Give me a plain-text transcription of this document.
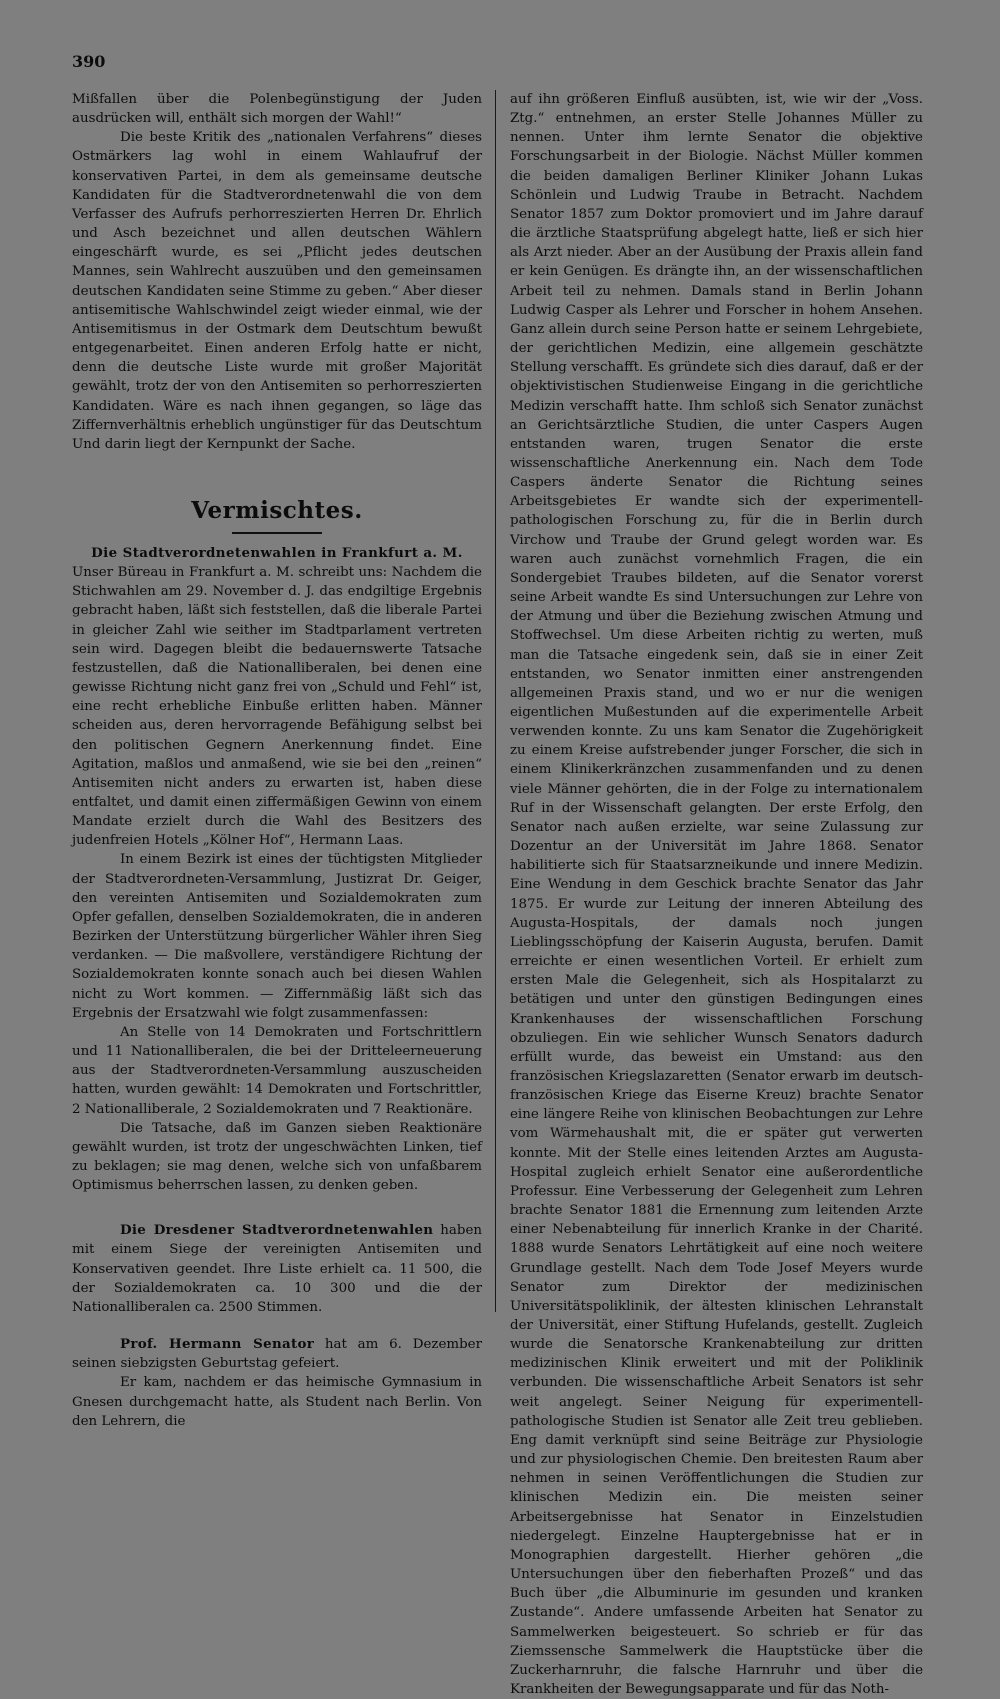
390

Mißfallen über die Polenbegünstigung der Juden ausdrücken will, enthält sich morgen der Wahl!“

Die beste Kritik des „nationalen Verfahrens“ dieses Ostmärkers lag wohl in einem Wahlaufruf der konservativen Partei, in dem als gemeinsame deutsche Kandidaten für die Stadtverordnetenwahl die von dem Verfasser des Aufrufs perhorreszierten Herren Dr. Ehrlich und Asch bezeichnet und allen deutschen Wählern eingeschärft wurde, es sei „Pflicht jedes deutschen Mannes, sein Wahlrecht auszuüben und den gemeinsamen deutschen Kandidaten seine Stimme zu geben.“ Aber dieser antisemitische Wahlschwindel zeigt wieder einmal, wie der Antisemitismus in der Ostmark dem Deutschtum bewußt entgegenarbeitet. Einen anderen Erfolg hatte er nicht, denn die deutsche Liste wurde mit großer Majorität gewählt, trotz der von den Antisemiten so perhorreszierten Kandidaten. Wäre es nach ihnen gegangen, so läge das Ziffernverhältnis erheblich ungünstiger für das Deutschtum Und darin liegt der Kernpunkt der Sache.

Vermischtes.

Die Stadtverordnetenwahlen in Frankfurt a. M.

Unser Büreau in Frankfurt a. M. schreibt uns: Nachdem die Stichwahlen am 29. November d. J. das endgiltige Ergebnis gebracht haben, läßt sich feststellen, daß die liberale Partei in gleicher Zahl wie seither im Stadtparlament vertreten sein wird. Dagegen bleibt die bedauernswerte Tatsache festzustellen, daß die Nationalliberalen, bei denen eine gewisse Richtung nicht ganz frei von „Schuld und Fehl“ ist, eine recht erhebliche Einbuße erlitten haben. Männer scheiden aus, deren hervorragende Befähigung selbst bei den politischen Gegnern Anerkennung findet. Eine Agitation, maßlos und anmaßend, wie sie bei den „reinen“ Antisemiten nicht anders zu erwarten ist, haben diese entfaltet, und damit einen ziffermäßigen Gewinn von einem Mandate erzielt durch die Wahl des Besitzers des judenfreien Hotels „Kölner Hof“, Hermann Laas.

In einem Bezirk ist eines der tüchtigsten Mitglieder der Stadtverordneten-Versammlung, Justizrat Dr. Geiger, den vereinten Antisemiten und Sozialdemokraten zum Opfer gefallen, denselben Sozialdemokraten, die in anderen Bezirken der Unterstützung bürgerlicher Wähler ihren Sieg verdanken. — Die maßvollere, verständigere Richtung der Sozialdemokraten konnte sonach auch bei diesen Wahlen nicht zu Wort kommen. — Ziffernmäßig läßt sich das Ergebnis der Ersatzwahl wie folgt zusammenfassen:

An Stelle von 14 Demokraten und Fortschrittlern und 11 Nationalliberalen, die bei der Dritteleerneuerung aus der Stadtverordneten-Versammlung auszuscheiden hatten, wurden gewählt: 14 Demokraten und Fortschrittler, 2 Nationalliberale, 2 Sozialdemokraten und 7 Reaktionäre.

Die Tatsache, daß im Ganzen sieben Reaktionäre gewählt wurden, ist trotz der ungeschwächten Linken, tief zu beklagen; sie mag denen, welche sich von unfaßbarem Optimismus beherrschen lassen, zu denken geben.

Die Dresdener Stadtverordnetenwahlen haben mit einem Siege der vereinigten Antisemiten und Konservativen geendet. Ihre Liste erhielt ca. 11 500, die der Sozialdemokraten ca. 10 300 und die der Nationalliberalen ca. 2500 Stimmen.

Prof. Hermann Senator hat am 6. Dezember seinen siebzigsten Geburtstag gefeiert.

Er kam, nachdem er das heimische Gymnasium in Gnesen durchgemacht hatte, als Student nach Berlin. Von den Lehrern, die

auf ihn größeren Einfluß ausübten, ist, wie wir der „Voss. Ztg.“ entnehmen, an erster Stelle Johannes Müller zu nennen. Unter ihm lernte Senator die objektive Forschungsarbeit in der Biologie. Nächst Müller kommen die beiden damaligen Berliner Kliniker Johann Lukas Schönlein und Ludwig Traube in Betracht. Nachdem Senator 1857 zum Doktor promoviert und im Jahre darauf die ärztliche Staatsprüfung abgelegt hatte, ließ er sich hier als Arzt nieder. Aber an der Ausübung der Praxis allein fand er kein Genügen. Es drängte ihn, an der wissenschaftlichen Arbeit teil zu nehmen. Damals stand in Berlin Johann Ludwig Casper als Lehrer und Forscher in hohem Ansehen. Ganz allein durch seine Person hatte er seinem Lehrgebiete, der gerichtlichen Medizin, eine allgemein geschätzte Stellung verschafft. Es gründete sich dies darauf, daß er der objektivistischen Studienweise Eingang in die gerichtliche Medizin verschafft hatte. Ihm schloß sich Senator zunächst an Gerichtsärztliche Studien, die unter Caspers Augen entstanden waren, trugen Senator die erste wissenschaftliche Anerkennung ein. Nach dem Tode Caspers änderte Senator die Richtung seines Arbeitsgebietes Er wandte sich der experimentell-pathologischen Forschung zu, für die in Berlin durch Virchow und Traube der Grund gelegt worden war. Es waren auch zunächst vornehmlich Fragen, die ein Sondergebiet Traubes bildeten, auf die Senator vorerst seine Arbeit wandte Es sind Untersuchungen zur Lehre von der Atmung und über die Beziehung zwischen Atmung und Stoffwechsel. Um diese Arbeiten richtig zu werten, muß man die Tatsache eingedenk sein, daß sie in einer Zeit entstanden, wo Senator inmitten einer anstrengenden allgemeinen Praxis stand, und wo er nur die wenigen eigentlichen Mußestunden auf die experimentelle Arbeit verwenden konnte. Zu uns kam Senator die Zugehörigkeit zu einem Kreise aufstrebender junger Forscher, die sich in einem Klinikerkränzchen zusammenfanden und zu denen viele Männer gehörten, die in der Folge zu internationalem Ruf in der Wissenschaft gelangten. Der erste Erfolg, den Senator nach außen erzielte, war seine Zulassung zur Dozentur an der Universität im Jahre 1868. Senator habilitierte sich für Staatsarzneikunde und innere Medizin. Eine Wendung in dem Geschick brachte Senator das Jahr 1875. Er wurde zur Leitung der inneren Abteilung des Augusta-Hospitals, der damals noch jungen Lieblingsschöpfung der Kaiserin Augusta, berufen. Damit erreichte er einen wesentlichen Vorteil. Er erhielt zum ersten Male die Gelegenheit, sich als Hospitalarzt zu betätigen und unter den günstigen Bedingungen eines Krankenhauses der wissenschaftlichen Forschung obzuliegen. Ein wie sehlicher Wunsch Senators dadurch erfüllt wurde, das beweist ein Umstand: aus den französischen Kriegslazaretten (Senator erwarb im deutsch-französischen Kriege das Eiserne Kreuz) brachte Senator eine längere Reihe von klinischen Beobachtungen zur Lehre vom Wärmehaushalt mit, die er später gut verwerten konnte. Mit der Stelle eines leitenden Arztes am Augusta-Hospital zugleich erhielt Senator eine außerordentliche Professur. Eine Verbesserung der Gelegenheit zum Lehren brachte Senator 1881 die Ernennung zum leitenden Arzte einer Nebenabteilung für innerlich Kranke in der Charité. 1888 wurde Senators Lehrtätigkeit auf eine noch weitere Grundlage gestellt. Nach dem Tode Josef Meyers wurde Senator zum Direktor der medizinischen Universitätspoliklinik, der ältesten klinischen Lehranstalt der Universität, einer Stiftung Hufelands, gestellt. Zugleich wurde die Senatorsche Krankenabteilung zur dritten medizinischen Klinik erweitert und mit der Poliklinik verbunden. Die wissenschaftliche Arbeit Senators ist sehr weit angelegt. Seiner Neigung für experimentell-pathologische Studien ist Senator alle Zeit treu geblieben. Eng damit verknüpft sind seine Beiträge zur Physiologie und zur physiologischen Chemie. Den breitesten Raum aber nehmen in seinen Veröffentlichungen die Studien zur klinischen Medizin ein. Die meisten seiner Arbeitsergebnisse hat Senator in Einzelstudien niedergelegt. Einzelne Hauptergebnisse hat er in Monographien dargestellt. Hierher gehören „die Untersuchungen über den fieberhaften Prozeß“ und das Buch über „die Albuminurie im gesunden und kranken Zustande“. Andere umfassende Arbeiten hat Senator zu Sammelwerken beigesteuert. So schrieb er für das Ziemssensche Sammelwerk die Hauptstücke über die Zuckerharnruhr, die falsche Harnruhr und über die Krankheiten der Bewegungsapparate und für das Noth-
